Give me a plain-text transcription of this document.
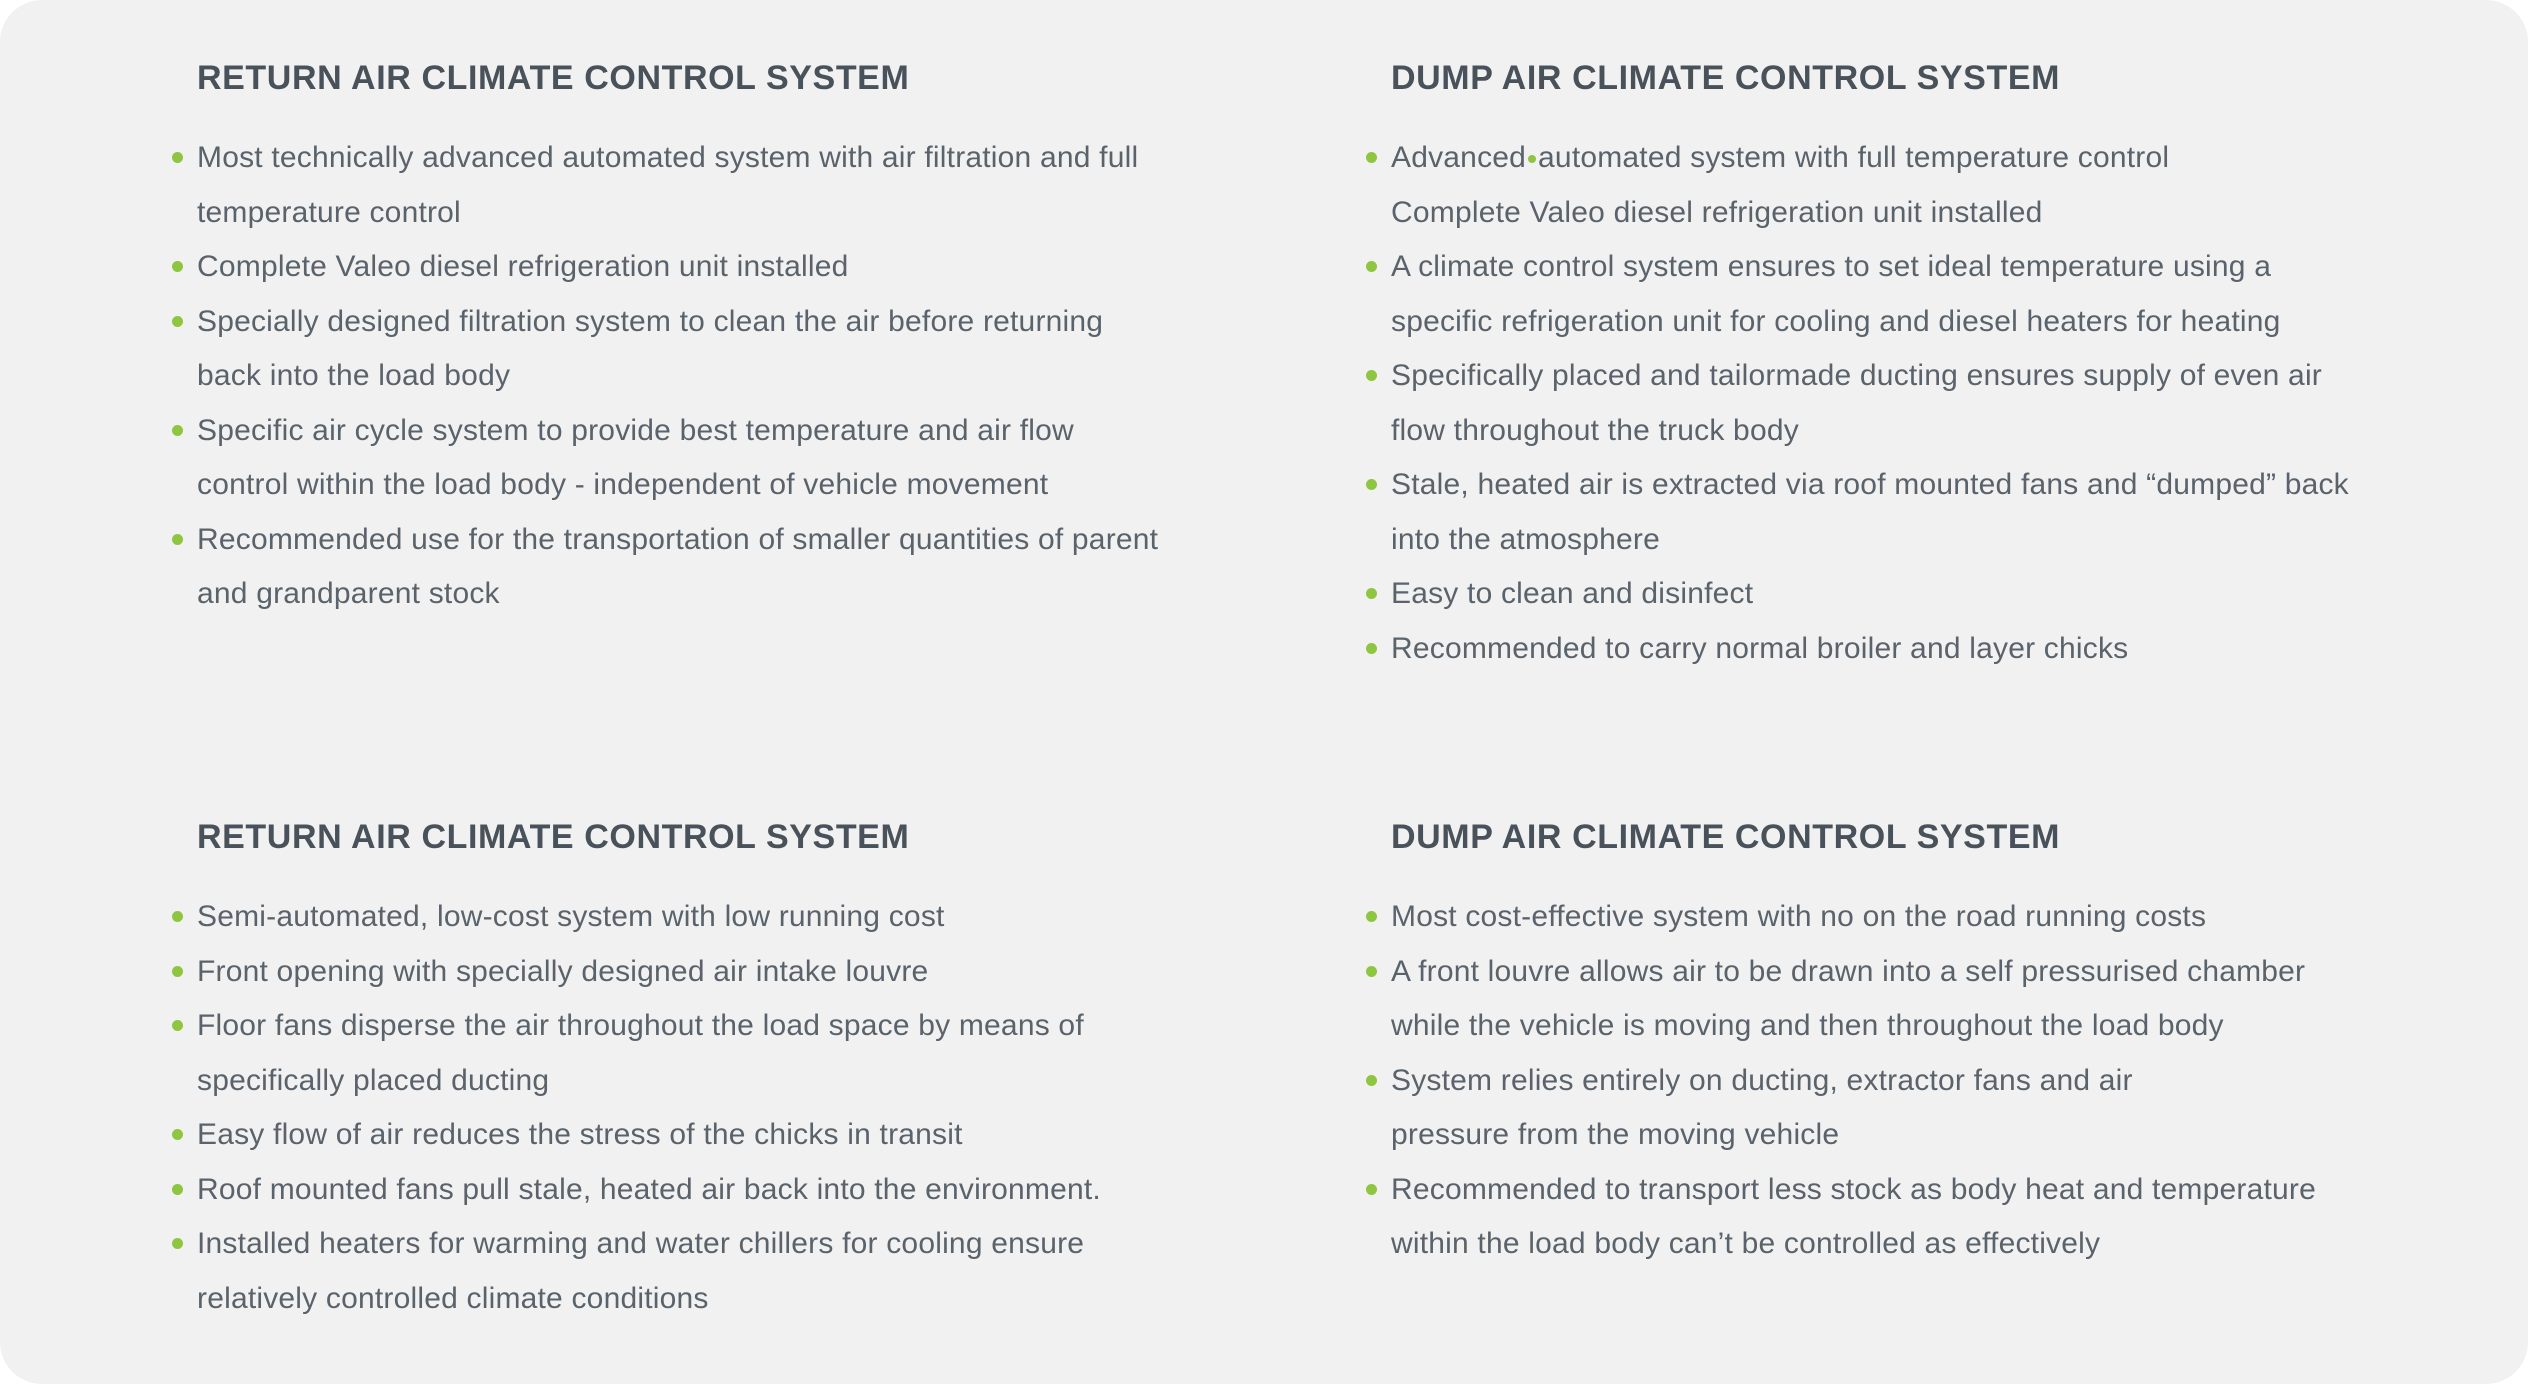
RETURN AIR CLIMATE CONTROL SYSTEM
Most technically advanced automated system with air filtration and full
temperature control
Complete Valeo diesel refrigeration unit installed
Specially designed filtration system to clean the air before returning
back into the load body
Specific air cycle system to provide best temperature and air flow
control within the load body - independent of vehicle movement
Recommended use for the transportation of smaller quantities of parent
and grandparent stock
DUMP AIR CLIMATE CONTROL SYSTEM
Advanced automated system with full temperature control
Complete Valeo diesel refrigeration unit installed
A climate control system ensures to set ideal temperature using a
specific refrigeration unit for cooling and diesel heaters for heating
Specifically placed and tailormade ducting ensures supply of even air
flow throughout the truck body
Stale, heated air is extracted via roof mounted fans and “dumped” back
into the atmosphere
Easy to clean and disinfect
Recommended to carry normal broiler and layer chicks
RETURN AIR CLIMATE CONTROL SYSTEM
Semi-automated, low-cost system with low running cost
Front opening with specially designed air intake louvre
Floor fans disperse the air throughout the load space by means of
specifically placed ducting
Easy flow of air reduces the stress of the chicks in transit
Roof mounted fans pull stale, heated air back into the environment.
Installed heaters for warming and water chillers for cooling ensure
relatively controlled climate conditions
DUMP AIR CLIMATE CONTROL SYSTEM
Most cost-effective system with no on the road running costs
A front louvre allows air to be drawn into a self pressurised chamber
while the vehicle is moving and then throughout the load body
System relies entirely on ducting, extractor fans and air
pressure from the moving vehicle
Recommended to transport less stock as body heat and temperature
within the load body can’t be controlled as effectively
